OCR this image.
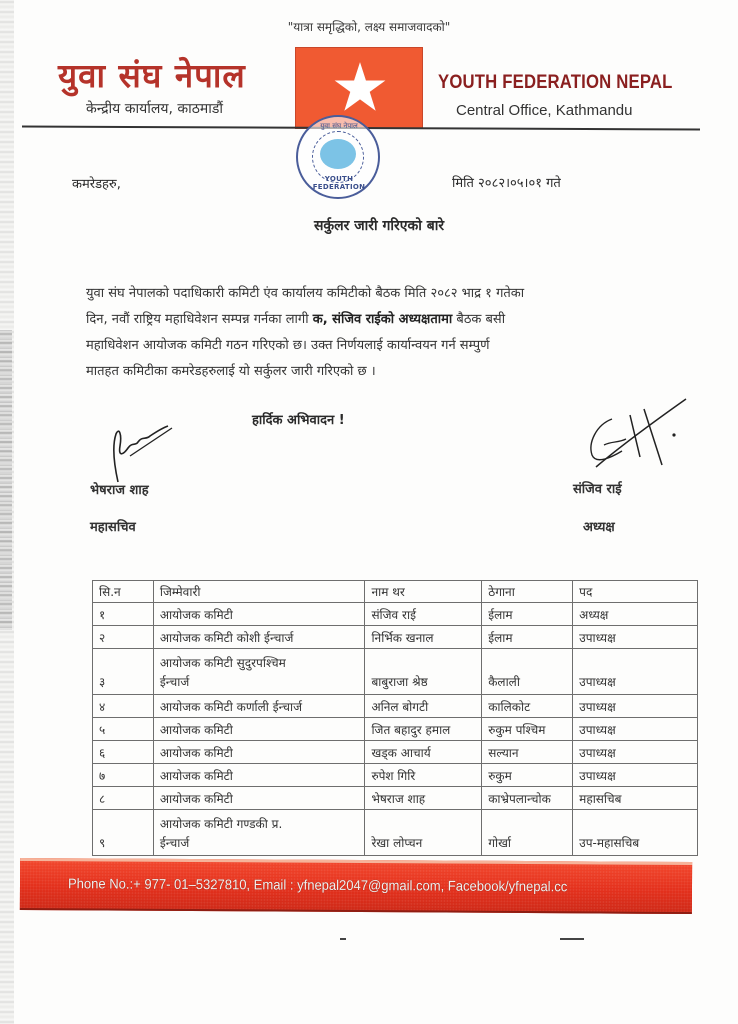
"यात्रा समृद्धिको, लक्ष्य समाजवादको"
युवा संघ नेपाल
केन्द्रीय कार्यालय, काठमाडौं
YOUTH FEDERATION NEPAL
Central Office, Kathmandu
युवा संघ नेपाल
YOUTH FEDERATION
कमरेडहरु,	मिति २०८२।०५।०१ गते
सर्कुलर जारी गरिएको बारे
युवा संघ नेपालको पदाधिकारी कमिटी एंव कार्यालय कमिटीको बैठक मिति २०८२ भाद्र १ गतेका
दिन, नवौं राष्ट्रिय महाधिवेशन सम्पन्न गर्नका लागी क, संजिव राईको अध्यक्षतामा बैठक बसी
महाधिवेशन आयोजक कमिटी गठन गरिएको छ। उक्त निर्णयलाई कार्यान्वयन गर्न सम्पुर्ण
मातहत कमिटीका कमरेडहरुलाई यो सर्कुलर जारी गरिएको छ ।
हार्दिक अभिवादन !
भेषराज शाह
महासचिव
संजिव राई
अध्यक्ष
सि.न	जिम्मेवारी	नाम थर	ठेगाना	पद
१	आयोजक कमिटी	संजिव राई	ईलाम	अध्यक्ष
२	आयोजक कमिटी कोशी ईन्चार्ज	निर्भिक खनाल	ईलाम	उपाध्यक्ष
३	आयोजक कमिटी सुदुरपश्चिम
ईन्चार्ज	बाबुराजा श्रेष्ठ	कैलाली	उपाध्यक्ष
४	आयोजक कमिटी कर्णाली ईन्चार्ज	अनिल बोगटी	कालिकोट	उपाध्यक्ष
५	आयोजक कमिटी	जित बहादुर हमाल	रुकुम पश्चिम	उपाध्यक्ष
६	आयोजक कमिटी	खड्क आचार्य	सल्यान	उपाध्यक्ष
७	आयोजक कमिटी	रुपेश गिरि	रुकुम	उपाध्यक्ष
८	आयोजक कमिटी	भेषराज शाह	काभ्रेपलान्चोक	महासचिब
९	आयोजक कमिटी गण्डकी प्र.
ईन्चार्ज	रेखा लोप्चन	गोर्खा	उप-महासचिब
Phone No.:+ 977- 01–5327810, Email : yfnepal2047@gmail.com, Facebook/yfnepal.cc
